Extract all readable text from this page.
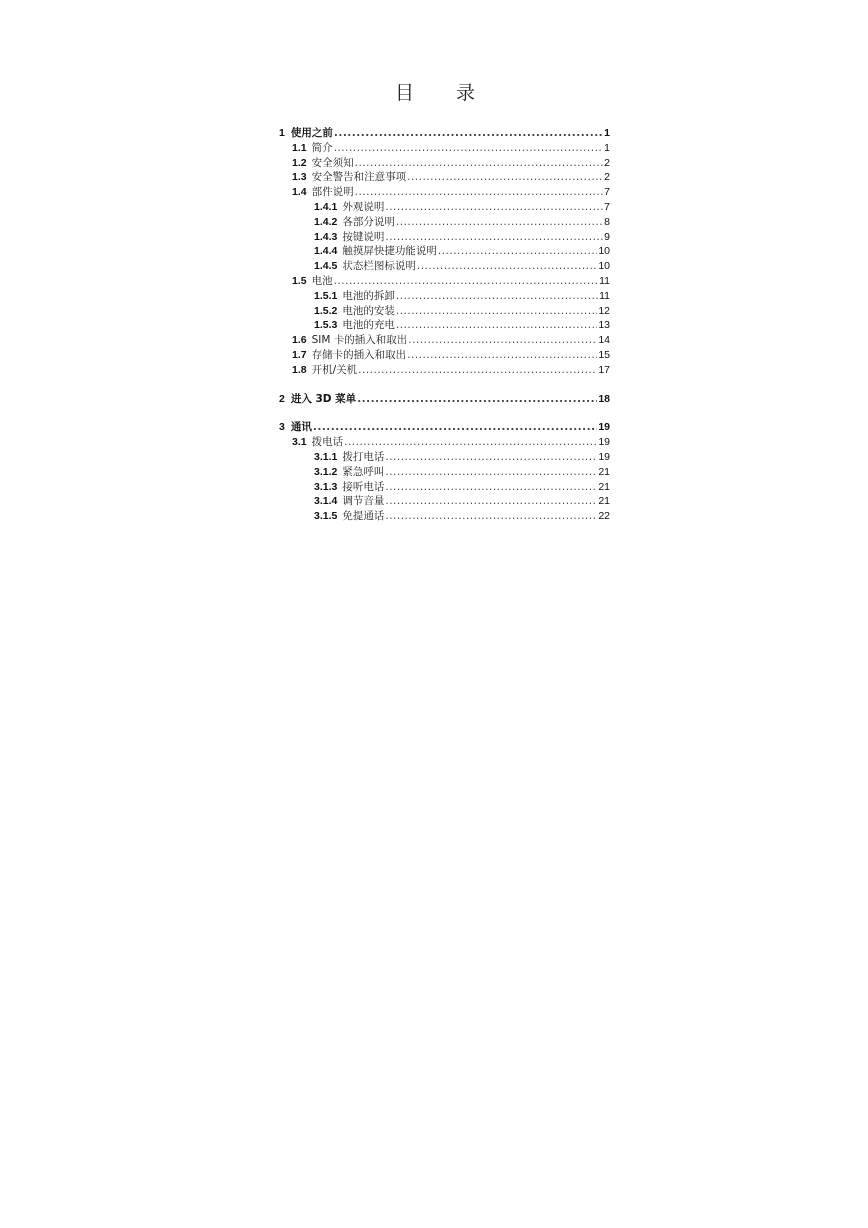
目 录
1 使用之前 .....	1
1.1 简介 .....	1
1.2 安全须知 .....	2
1.3 安全警告和注意事项 .....	2
1.4 部件说明 .....	7
1.4.1 外观说明 .....	7
1.4.2 各部分说明 .....	8
1.4.3 按键说明 .....	9
1.4.4 触摸屏快捷功能说明 .....	10
1.4.5 状态栏图标说明 .....	10
1.5 电池 .....	11
1.5.1 电池的拆卸 .....	11
1.5.2 电池的安装 .....	12
1.5.3 电池的充电 .....	13
1.6 SIM 卡的插入和取出 .....	14
1.7 存储卡的插入和取出 .....	15
1.8 开机/关机 .....	17
2 进入 3D 菜单 .....	18
3 通讯 .....	19
3.1 拨电话 .....	19
3.1.1 拨打电话 .....	19
3.1.2 紧急呼叫 .....	21
3.1.3 接听电话 .....	21
3.1.4 调节音量 .....	21
3.1.5 免提通话 .....	22
